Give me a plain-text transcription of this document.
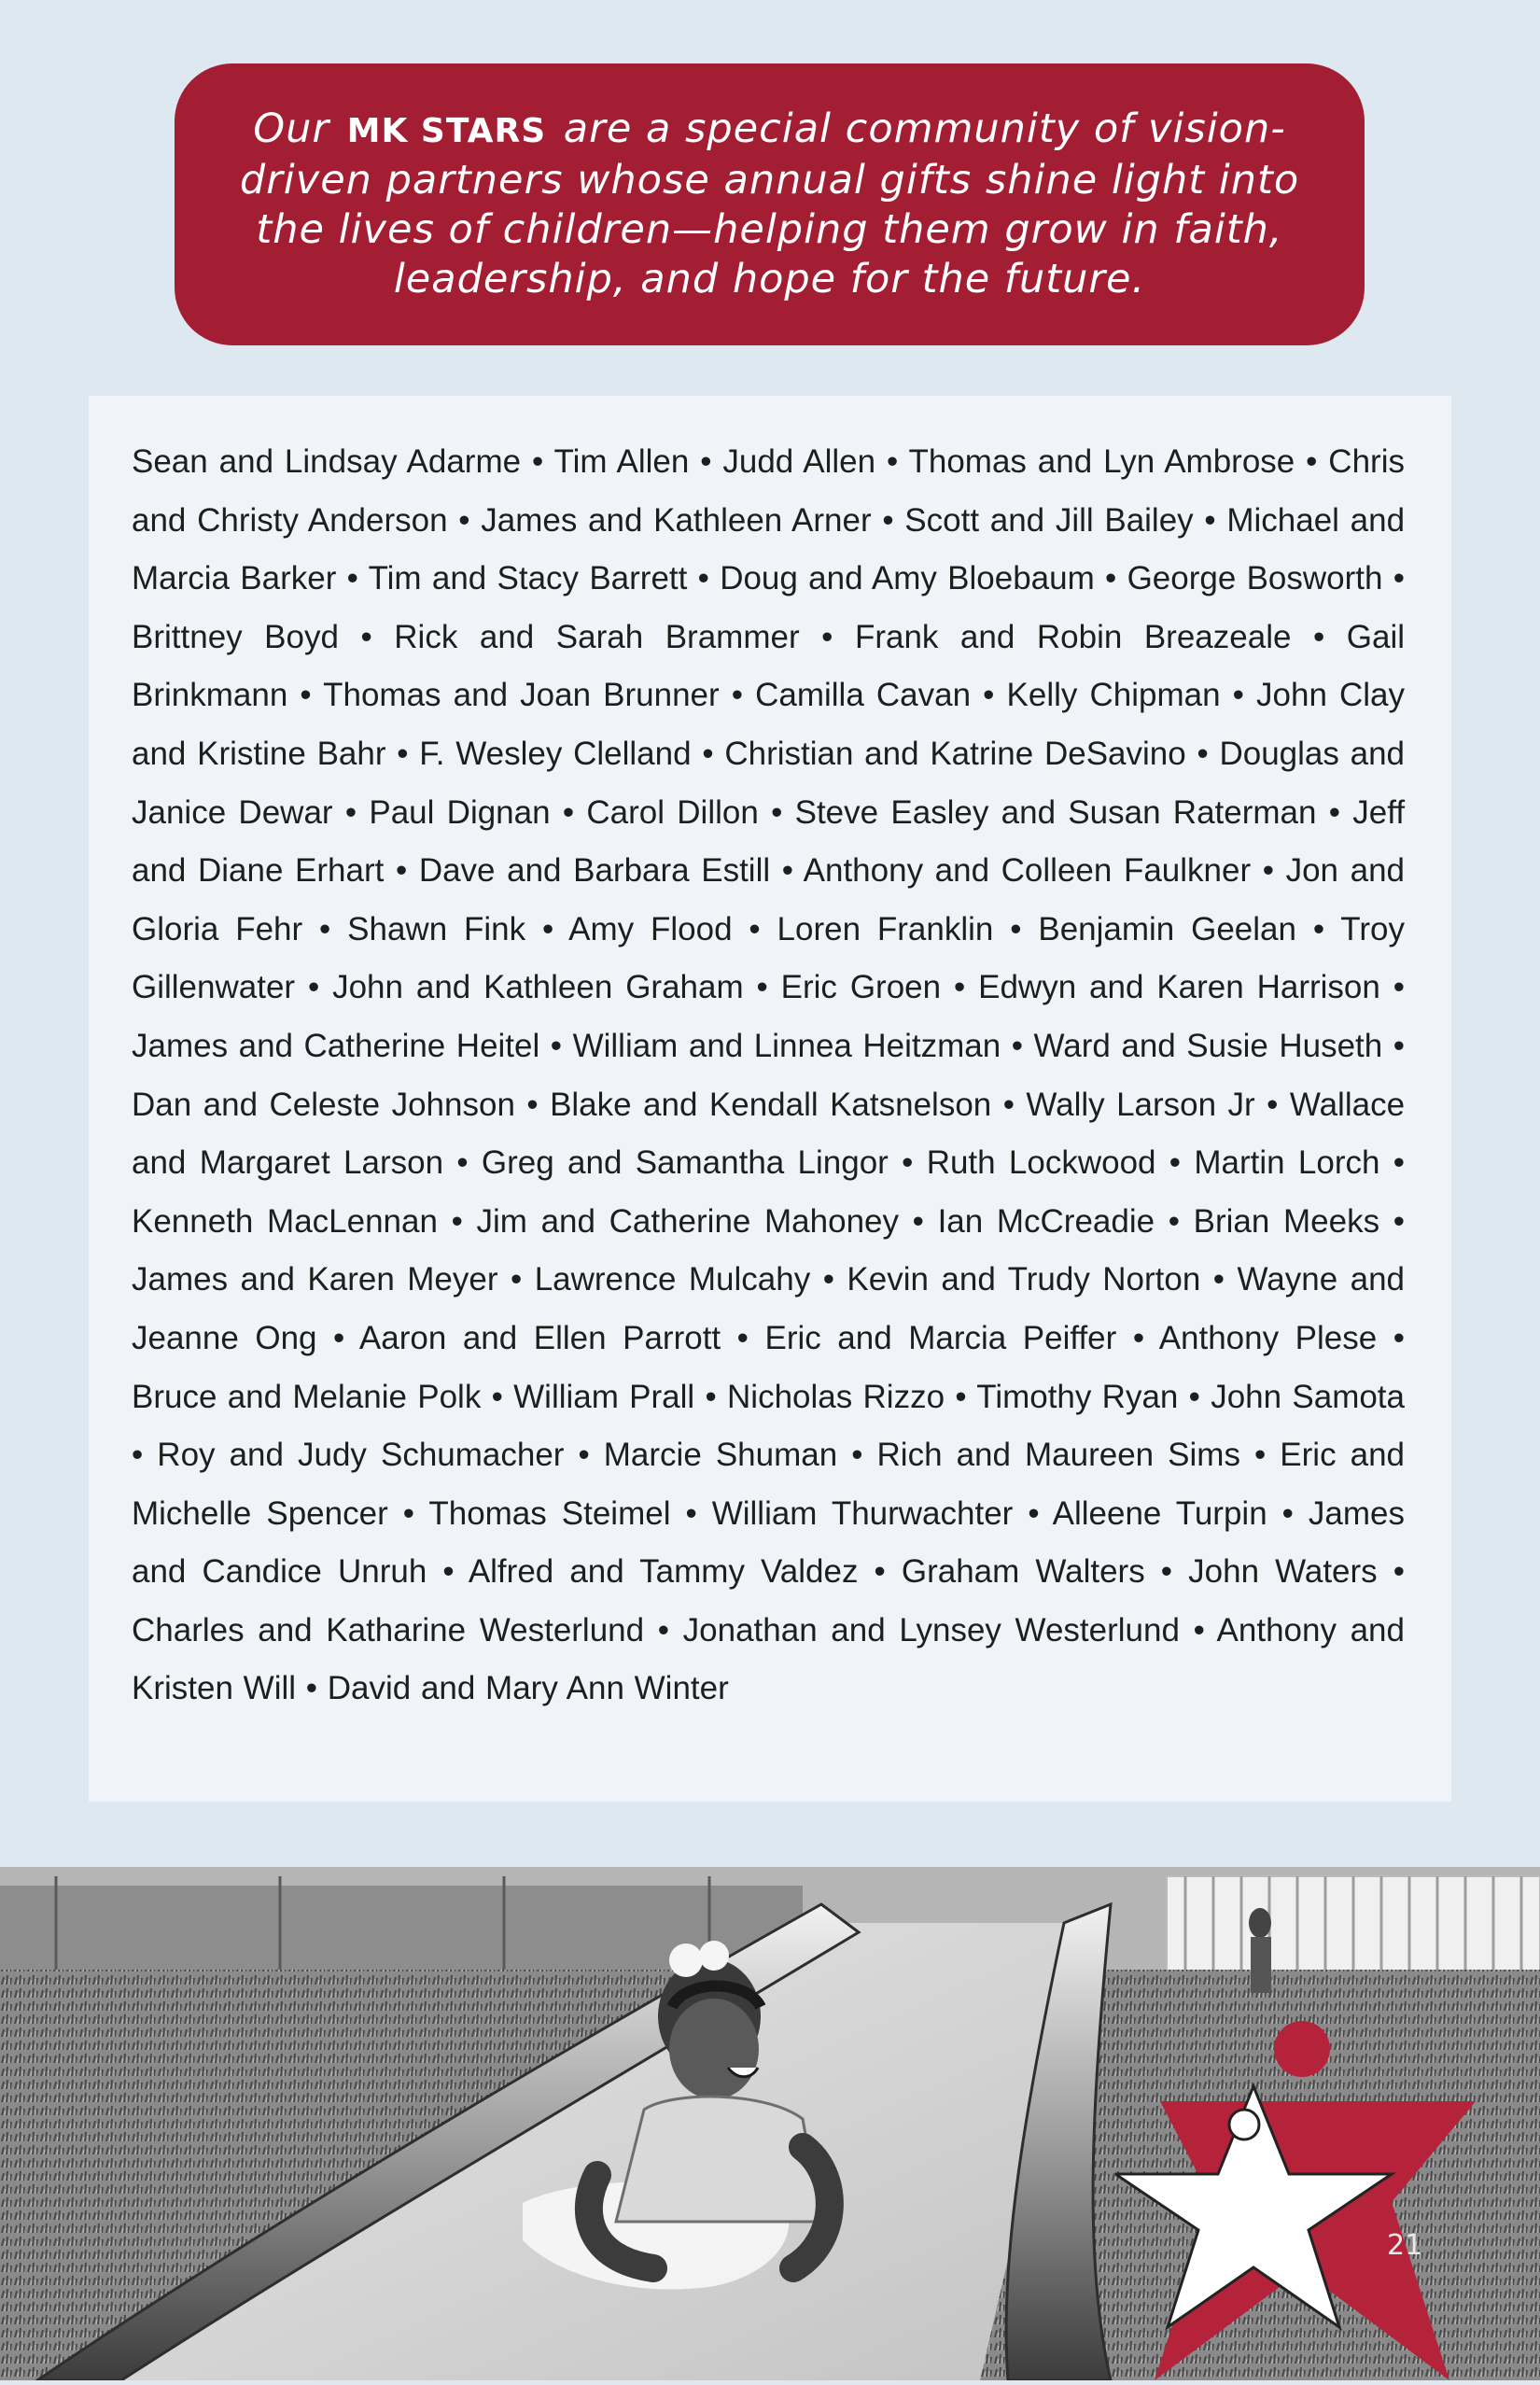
Our MK STARS are a special community of vision-driven partners whose annual gifts shine light into the lives of children—helping them grow in faith, leadership, and hope for the future.

Sean and Lindsay Adarme • Tim Allen • Judd Allen • Thomas and Lyn Ambrose • Chris and Christy Anderson • James and Kathleen Arner • Scott and Jill Bailey • Michael and Marcia Barker • Tim and Stacy Barrett • Doug and Amy Bloebaum • George Bosworth • Brittney Boyd • Rick and Sarah Brammer • Frank and Robin Breazeale • Gail Brinkmann • Thomas and Joan Brunner • Camilla Cavan • Kelly Chipman • John Clay and Kristine Bahr • F. Wesley Clelland • Christian and Katrine DeSavino • Douglas and Janice Dewar • Paul Dignan • Carol Dillon • Steve Easley and Susan Raterman • Jeff and Diane Erhart • Dave and Barbara Estill • Anthony and Colleen Faulkner • Jon and Gloria Fehr • Shawn Fink • Amy Flood • Loren Franklin • Benjamin Geelan • Troy Gillenwater • John and Kathleen Graham • Eric Groen • Edwyn and Karen Harrison • James and Catherine Heitel • William and Linnea Heitzman • Ward and Susie Huseth • Dan and Celeste Johnson • Blake and Kendall Katsnelson • Wally Larson Jr • Wallace and Margaret Larson • Greg and Samantha Lingor • Ruth Lockwood • Martin Lorch • Kenneth MacLennan • Jim and Catherine Mahoney • Ian McCreadie • Brian Meeks • James and Karen Meyer • Lawrence Mulcahy • Kevin and Trudy Norton • Wayne and Jeanne Ong • Aaron and Ellen Parrott • Eric and Marcia Peiffer • Anthony Plese • Bruce and Melanie Polk • William Prall • Nicholas Rizzo • Timothy Ryan • John Samota • Roy and Judy Schumacher • Marcie Shuman • Rich and Maureen Sims • Eric and Michelle Spencer • Thomas Steimel • William Thurwachter • Alleene Turpin • James and Candice Unruh • Alfred and Tammy Valdez • Graham Walters • John Waters • Charles and Katharine Westerlund • Jonathan and Lynsey Westerlund • Anthony and Kristen Will • David and Mary Ann Winter

21
